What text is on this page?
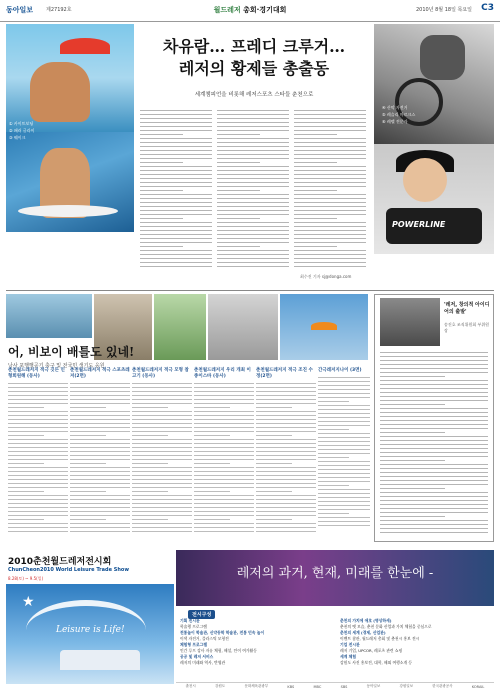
동아일보	제27192호	월드레저 총회·경기대회	2010년 8월 18일 목요일 C3
① 카이트보딩
② 패러 글라이
③ 웨이크
POWERLINE
④ 산악 자전거
⑤ 레슬리 마르크스
⑥ 레펠 전문가
차유람… 프레디 크루거…
레저의 황제들 총출동
세계챔피언을 비롯해 레저스포츠 스타들 춘천으로
최수진 기자 sj@donga.com
어, 비보이 배틀도 있네!
낭사 포행행공기 축구 및 전국민 생기도 응원
춘천월드레저지 적극 깃든 인형희원해 (동사)
춘천월드레저지 적극 스포츠레저(2면)
춘천월드레저지 적극 모형 참고기 (동사)
춘천월드레저지 우리 개최 이 종이스바 (동사)
춘천월드레저지 적극 조진 수정(2면)
간극레저지나이 (3면)
'레저, 창의적 아이디어의 출발'
송진호 조직위원회 부위원장
2010춘천월드레저전시회
ChunCheon2010 World Leisure Trade Show
8.28(토) ~ 9.5(일)
★
Leisure is Life!
레저의 과거, 현재, 미래를 한눈에 -
전시구성
기획 전시관
학술행 프로그램
전통놀이 학술관, 신약동학 학술관, 전통 민속 놀이
이색 자전거, 플라스틱 모형전
체험형 프로그램
인간 루프 강사 자유 체험, 해설, 안이 여가활동
공공 및 레저 서비스
레저의 미래와 역사, 반영관
춘천의 가치에 애호 (명상하세)
춘천의 옛 모습, 춘천 문화 산업과 가치 체험을 중심으로
춘천의 세계 (경제, 산업관)
이벤트 참관, 월드레저 총회 및 춘천시 홍보 전시
기업 전시관
레저 기업, UPCOR, 레포츠 관련 쇼핑
세계 체험
강원도 사진 홍보전, 대학, 해외 여행소개 등
춘천시	강원도	문화체육관광부	KBS	MBC	SBS	동아일보	강원일보	한국관광공사	KORAIL
